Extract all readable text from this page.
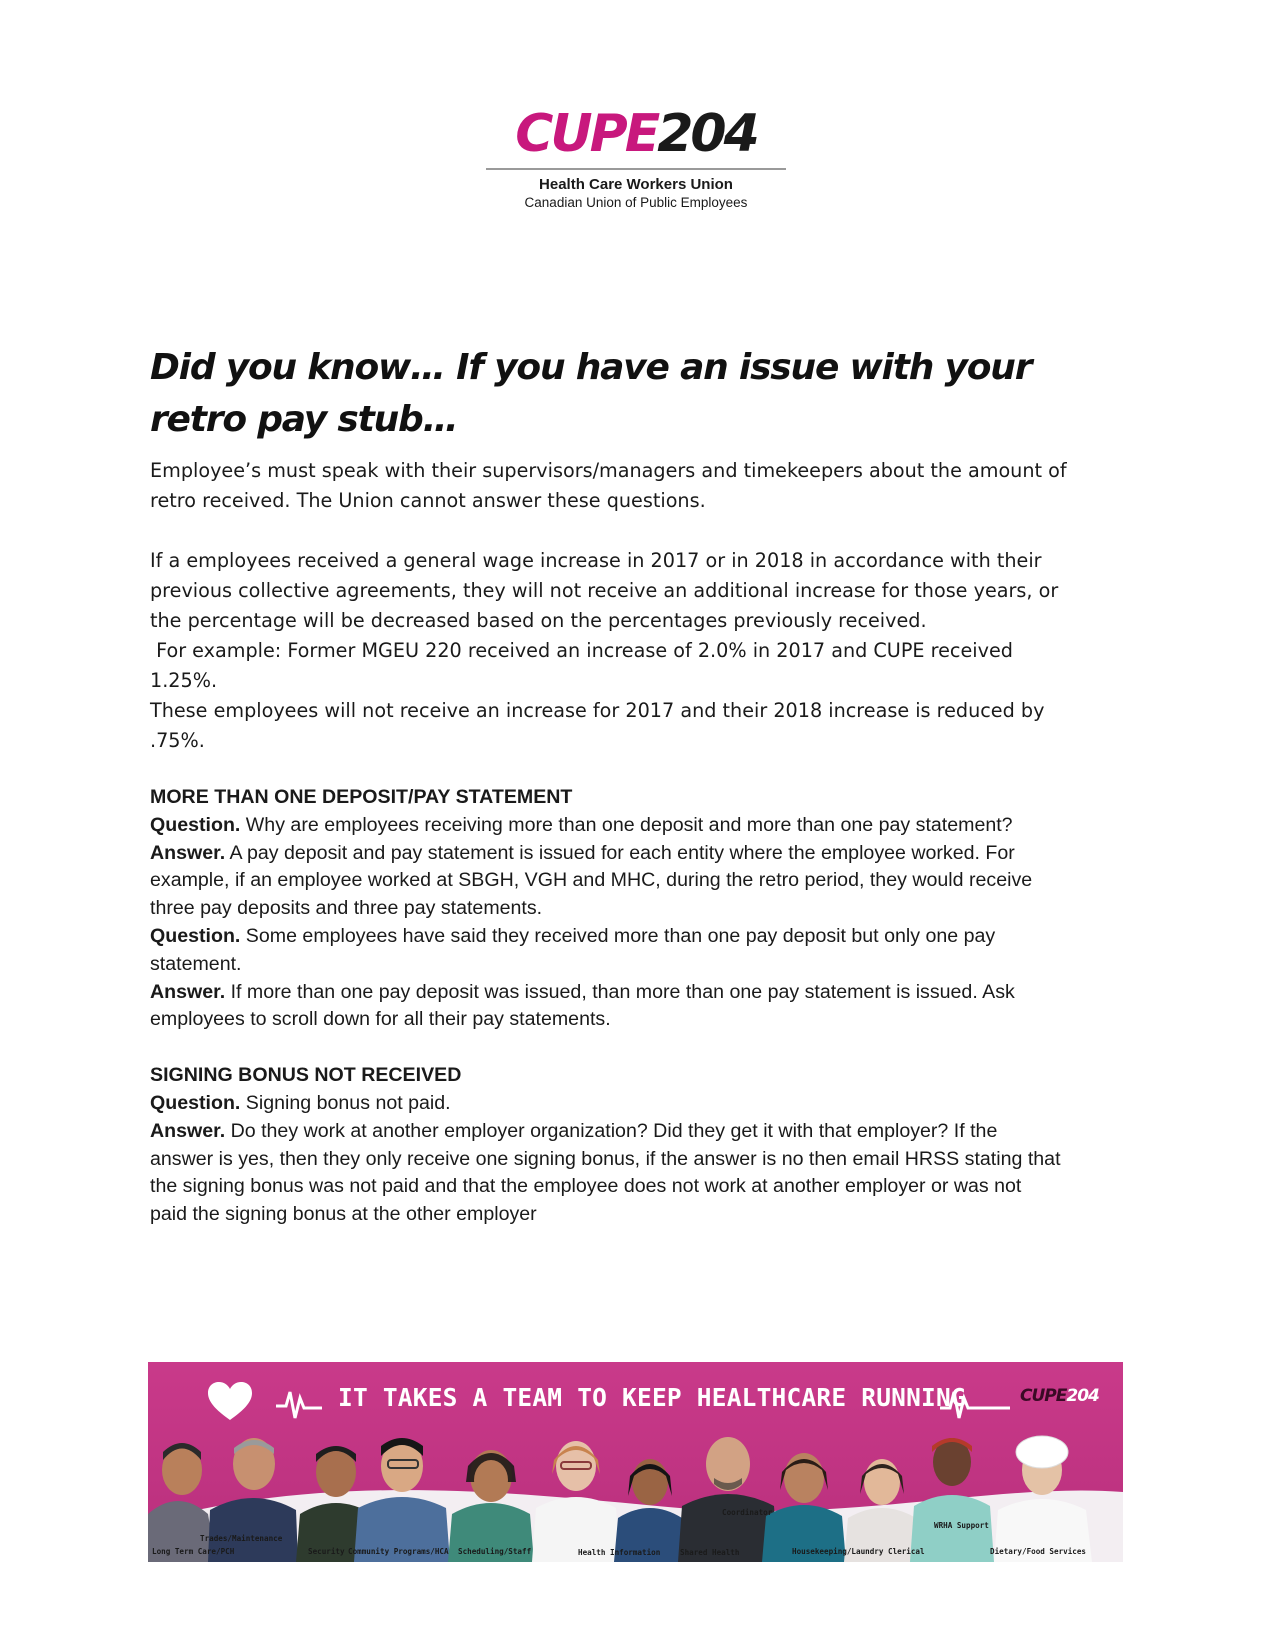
CUPE204
Health Care Workers Union
Canadian Union of Public Employees
Did you know… If you have an issue with your
retro pay stub…

Employee’s must speak with their supervisors/managers and timekeepers about the amount of
retro received. The Union cannot answer these questions.

If a employees received a general wage increase in 2017 or in 2018 in accordance with their
previous collective agreements, they will not receive an additional increase for those years, or
the percentage will be decreased based on the percentages previously received.
For example: Former MGEU 220 received an increase of 2.0% in 2017 and CUPE received
1.25%.
These employees will not receive an increase for 2017 and their 2018 increase is reduced by
.75%.

MORE THAN ONE DEPOSIT/PAY STATEMENT

Question. Why are employees receiving more than one deposit and more than one pay statement?

Answer. A pay deposit and pay statement is issued for each entity where the employee worked. For
example, if an employee worked at SBGH, VGH and MHC, during the retro period, they would receive
three pay deposits and three pay statements.

Question. Some employees have said they received more than one pay deposit but only one pay
statement.

Answer. If more than one pay deposit was issued, than more than one pay statement is issued. Ask
employees to scroll down for all their pay statements.

SIGNING BONUS NOT RECEIVED

Question. Signing bonus not paid.

Answer. Do they work at another employer organization? Did they get it with that employer? If the
answer is yes, then they only receive one signing bonus, if the answer is no then email HRSS stating that
the signing bonus was not paid and that the employee does not work at another employer or was not
paid the signing bonus at the other employer

IT TAKES A TEAM TO KEEP HEALTHCARE RUNNING	CUPE204
Long Term Care/PCH
Trades/Maintenance
Security Community Programs/HCA Scheduling/Staff	Health Information	Shared Health
Coordinator
Housekeeping/Laundry Clerical
WRHA Support
Dietary/Food Services
